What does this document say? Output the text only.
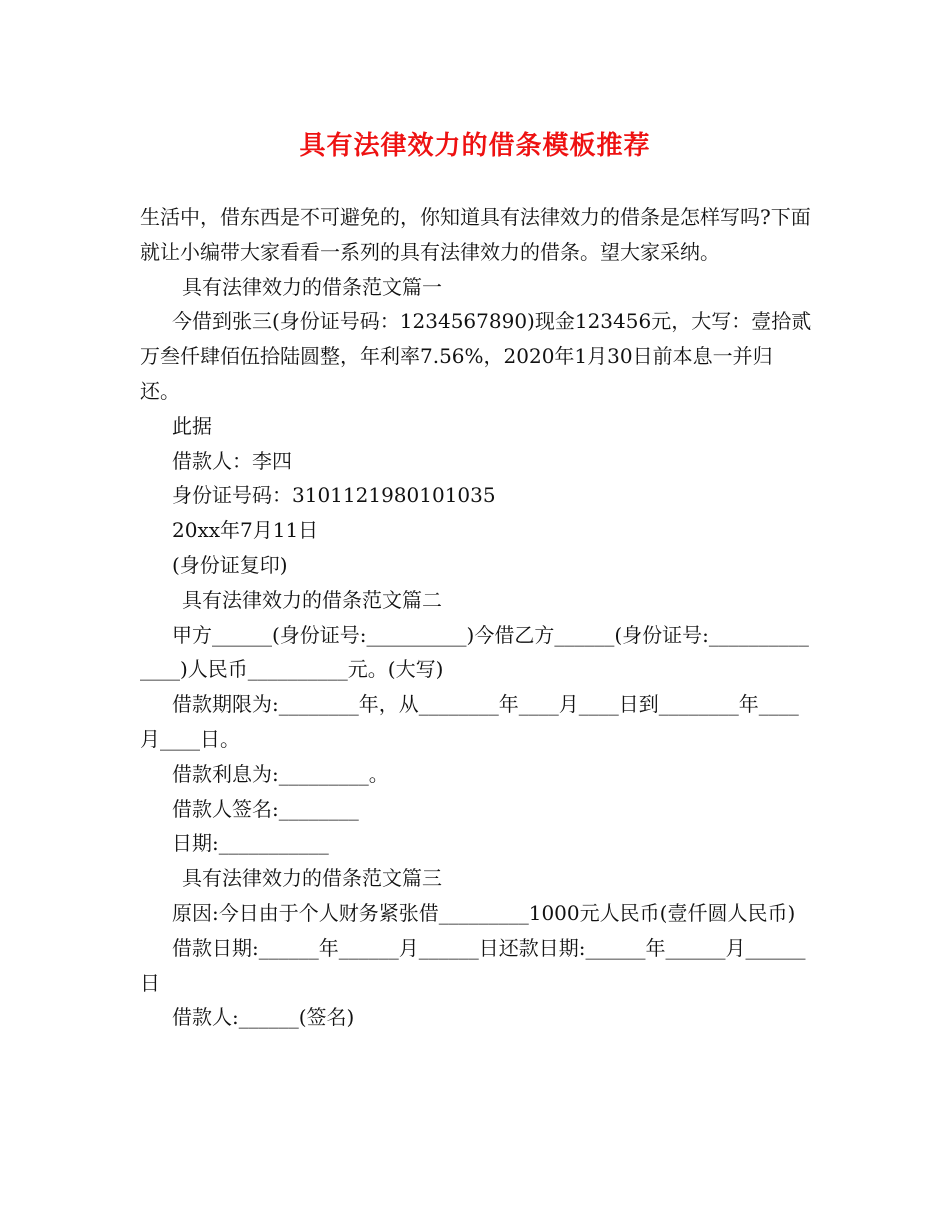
具有法律效力的借条模板推荐

生活中，借东西是不可避免的，你知道具有法律效力的借条是怎样写吗?下面就让小编带大家看看一系列的具有法律效力的借条。望大家采纳。

具有法律效力的借条范文篇一

今借到张三(身份证号码：1234567890)现金123456元，大写：壹拾贰万叁仟肆佰伍拾陆圆整，年利率7.56%，2020年1月30日前本息一并归还。

此据

借款人：李四

身份证号码：3101121980101035

20xx年7月11日

(身份证复印)

具有法律效力的借条范文篇二

甲方______(身份证号:__________)今借乙方______(身份证号:______________)人民币__________元。(大写)

借款期限为:________年，从________年____月____日到________年____月____日。

借款利息为:_________。

借款人签名:________

日期:___________

具有法律效力的借条范文篇三

原因:今日由于个人财务紧张借_________1000元人民币(壹仟圆人民币)

借款日期:______年______月______日还款日期:______年______月______日

借款人:______(签名)
